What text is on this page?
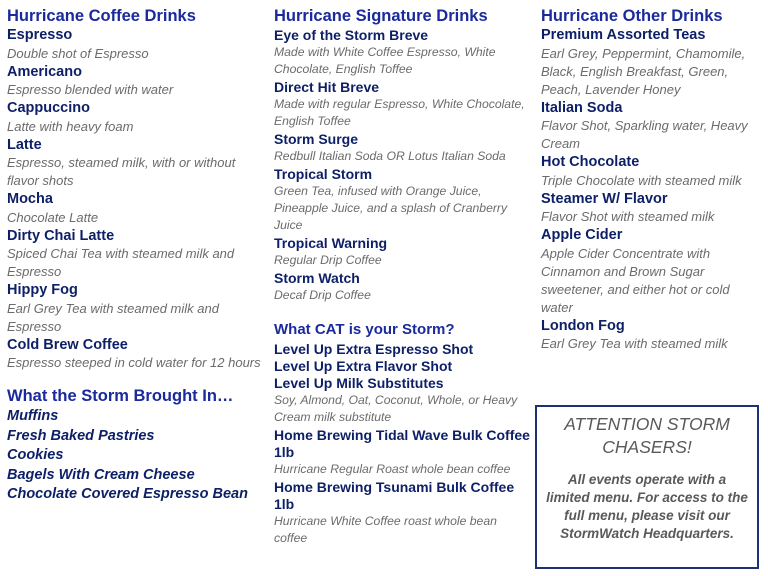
Hurricane Coffee Drinks
Espresso
Double shot of Espresso
Americano
Espresso blended with water
Cappuccino
Latte with heavy foam
Latte
Espresso, steamed milk, with or without flavor shots
Mocha
Chocolate Latte
Dirty Chai Latte
Spiced Chai Tea with steamed milk and Espresso
Hippy Fog
Earl Grey Tea with steamed milk and Espresso
Cold Brew Coffee
Espresso steeped in cold water for 12 hours
What the Storm Brought In…
Muffins
Fresh Baked Pastries
Cookies
Bagels With Cream Cheese
Chocolate Covered Espresso Bean
Hurricane Signature Drinks
Eye of the Storm Breve
Made with White Coffee Espresso, White Chocolate, English Toffee
Direct Hit Breve
Made with regular Espresso, White Chocolate, English Toffee
Storm Surge
Redbull Italian Soda OR Lotus Italian Soda
Tropical Storm
Green Tea, infused with Orange Juice, Pineapple Juice, and a splash of Cranberry Juice
Tropical Warning
Regular Drip Coffee
Storm Watch
Decaf Drip Coffee
What CAT is your Storm?
Level Up Extra Espresso Shot
Level Up Extra Flavor Shot
Level Up Milk Substitutes
Soy, Almond, Oat, Coconut, Whole, or Heavy Cream milk substitute
Home Brewing Tidal Wave Bulk Coffee 1lb
Hurricane Regular Roast whole bean coffee
Home Brewing Tsunami Bulk Coffee 1lb
Hurricane White Coffee roast whole bean coffee
Hurricane Other Drinks
Premium Assorted Teas
Earl Grey, Peppermint, Chamomile, Black, English Breakfast, Green, Peach, Lavender Honey
Italian Soda
Flavor Shot, Sparkling water, Heavy Cream
Hot Chocolate
Triple Chocolate with steamed milk
Steamer W/ Flavor
Flavor Shot with steamed milk
Apple Cider
Apple Cider Concentrate with Cinnamon and Brown Sugar sweetener, and either hot or cold water
London Fog
Earl Grey Tea with steamed milk
ATTENTION STORM CHASERS!
All events operate with a limited menu. For access to the full menu, please visit our StormWatch Headquarters.
